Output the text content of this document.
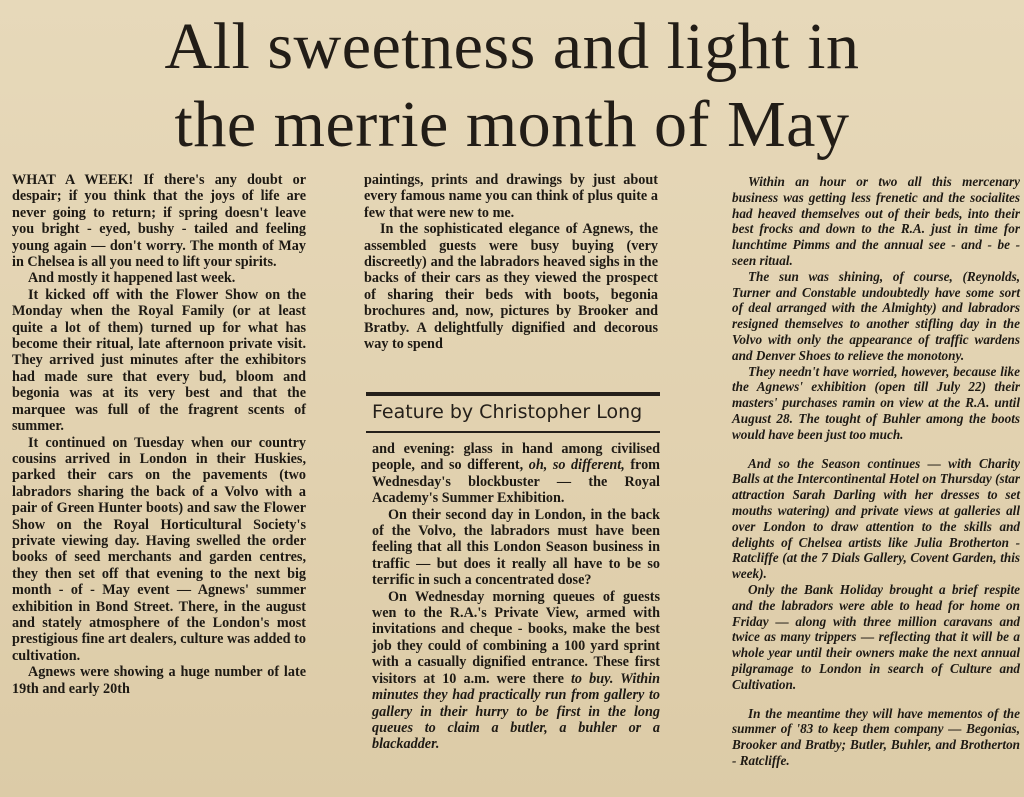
All sweetness and light in
the merrie month of May

WHAT A WEEK! If there's any doubt or despair; if you think that the joys of life are never going to return; if spring doesn't leave you bright - eyed, bushy - tailed and feeling young again — don't worry. The month of May in Chelsea is all you need to lift your spirits.

And mostly it happened last week.

It kicked off with the Flower Show on the Monday when the Royal Family (or at least quite a lot of them) turned up for what has become their ritual, late afternoon private visit. They arrived just minutes after the exhibitors had made sure that every bud, bloom and begonia was at its very best and that the marquee was full of the fragrent scents of summer.

It continued on Tuesday when our country cousins arrived in London in their Huskies, parked their cars on the pavements (two labradors sharing the back of a Volvo with a pair of Green Hunter boots) and saw the Flower Show on the Royal Horticultural Society's private viewing day. Having swelled the order books of seed merchants and garden centres, they then set off that evening to the next big month - of - May event — Agnews' summer exhibition in Bond Street. There, in the august and stately atmosphere of the London's most prestigious fine art dealers, culture was added to cultivation.

Agnews were showing a huge number of late 19th and early 20th

paintings, prints and drawings by just about every famous name you can think of plus quite a few that were new to me.

In the sophisticated elegance of Agnews, the assembled guests were busy buying (very discreetly) and the labradors heaved sighs in the backs of their cars as they viewed the prospect of sharing their beds with boots, begonia brochures and, now, pictures by Brooker and Bratby. A delightfully dignified and decorous way to spend

Feature by Christopher Long

and evening: glass in hand among civilised people, and so different, oh, so different, from Wednesday's blockbuster — the Royal Academy's Summer Exhibition.

On their second day in London, in the back of the Volvo, the labradors must have been feeling that all this London Season business in traffic — but does it really all have to be so terrific in such a concentrated dose?

On Wednesday morning queues of guests wen to the R.A.'s Private View, armed with invitations and cheque - books, make the best job they could of combining a 100 yard sprint with a casually dignified entrance. These first visitors at 10 a.m. were there to buy. Within minutes they had practically run from gallery to gallery in their hurry to be first in the long queues to claim a butler, a buhler or a blackadder.

Within an hour or two all this mercenary business was getting less frenetic and the socialites had heaved themselves out of their beds, into their best frocks and down to the R.A. just in time for lunchtime Pimms and the annual see - and - be - seen ritual.

The sun was shining, of course, (Reynolds, Turner and Constable undoubtedly have some sort of deal arranged with the Almighty) and labradors resigned themselves to another stifling day in the Volvo with only the appearance of traffic wardens and Denver Shoes to relieve the monotony.

They needn't have worried, however, because like the Agnews' exhibition (open till July 22) their masters' purchases ramin on view at the R.A. until August 28. The tought of Buhler among the boots would have been just too much.

And so the Season continues — with Charity Balls at the Intercontinental Hotel on Thursday (star attraction Sarah Darling with her dresses to set mouths watering) and private views at galleries all over London to draw attention to the skills and delights of Chelsea artists like Julia Brotherton - Ratcliffe (at the 7 Dials Gallery, Covent Garden, this week).

Only the Bank Holiday brought a brief respite and the labradors were able to head for home on Friday — along with three million caravans and twice as many trippers — reflecting that it will be a whole year until their owners make the next annual pilgramage to London in search of Culture and Cultivation.

In the meantime they will have mementos of the summer of '83 to keep them company — Begonias, Brooker and Bratby; Butler, Buhler, and Brotherton - Ratcliffe.
